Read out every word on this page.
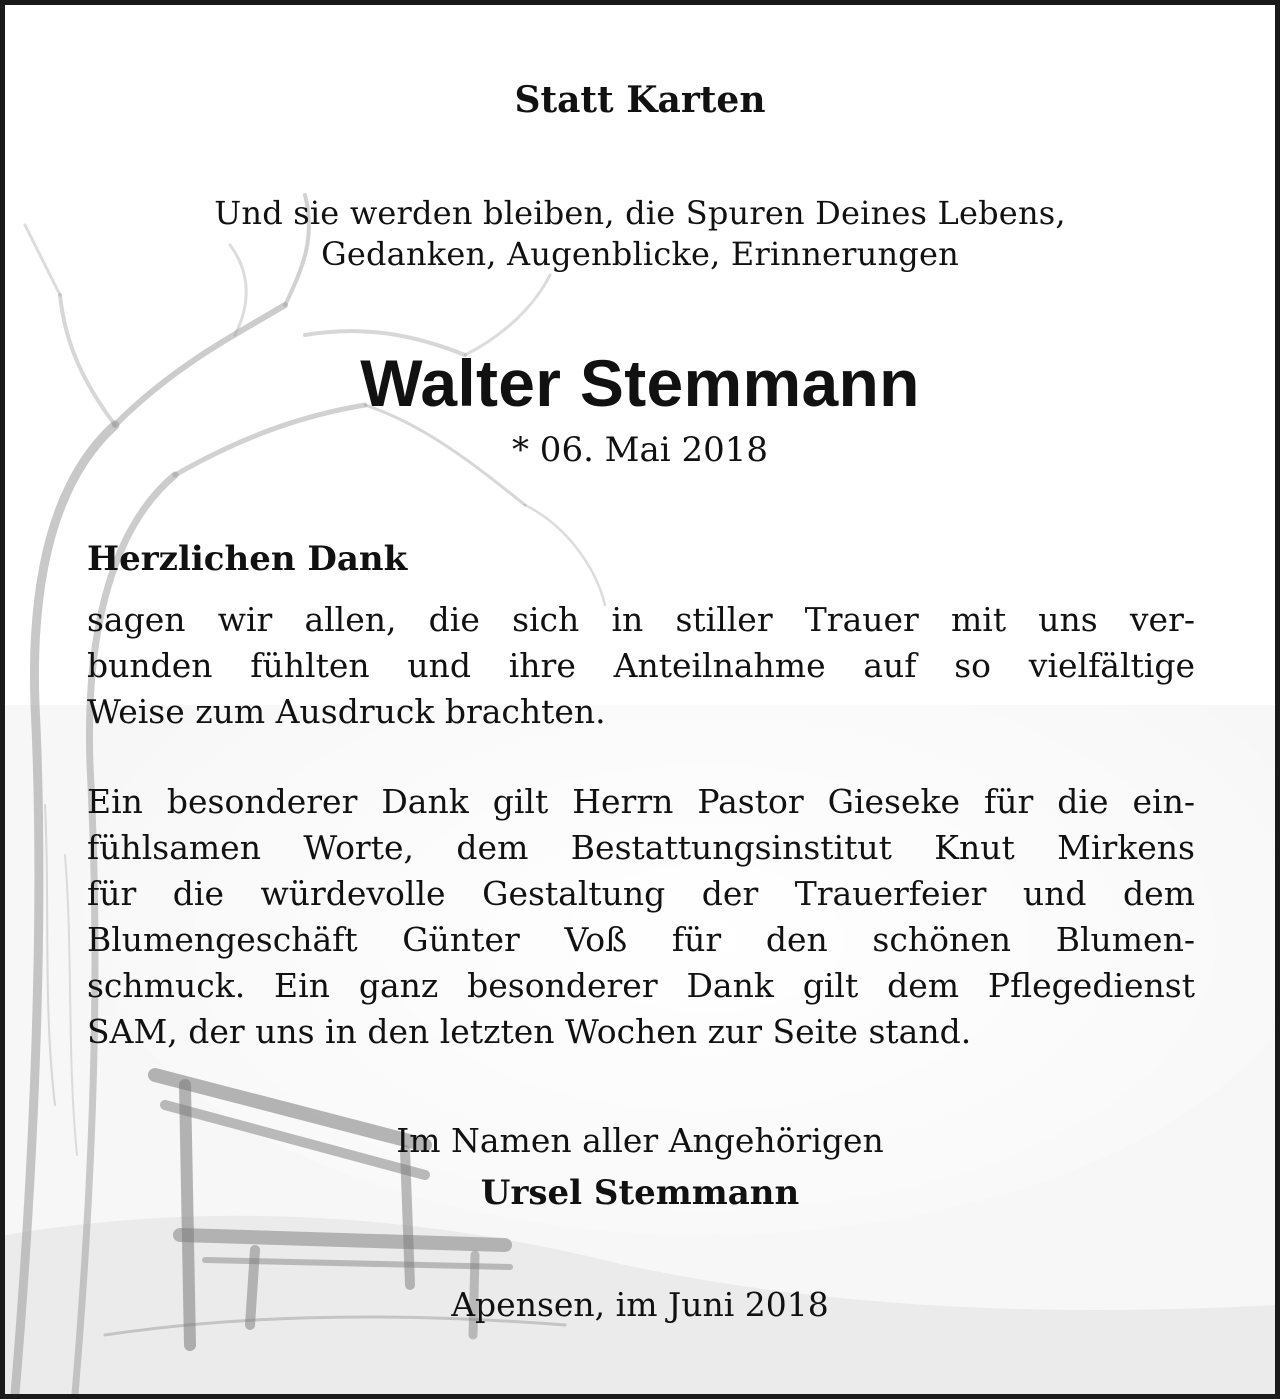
Statt Karten
Und sie werden bleiben, die Spuren Deines Lebens,
Gedanken, Augenblicke, Erinnerungen
Walter Stemmann
* 06. Mai 2018
Herzlichen Dank
sagen wir allen, die sich in stiller Trauer mit uns ver-
bunden fühlten und ihre Anteilnahme auf so vielfältige
Weise zum Ausdruck brachten.
Ein besonderer Dank gilt Herrn Pastor Gieseke für die ein-
fühlsamen Worte, dem Bestattungsinstitut Knut Mirkens
für die würdevolle Gestaltung der Trauerfeier und dem
Blumengeschäft Günter Voß für den schönen Blumen-
schmuck. Ein ganz besonderer Dank gilt dem Pflegedienst
SAM, der uns in den letzten Wochen zur Seite stand.
Im Namen aller Angehörigen
Ursel Stemmann
Apensen, im Juni 2018
